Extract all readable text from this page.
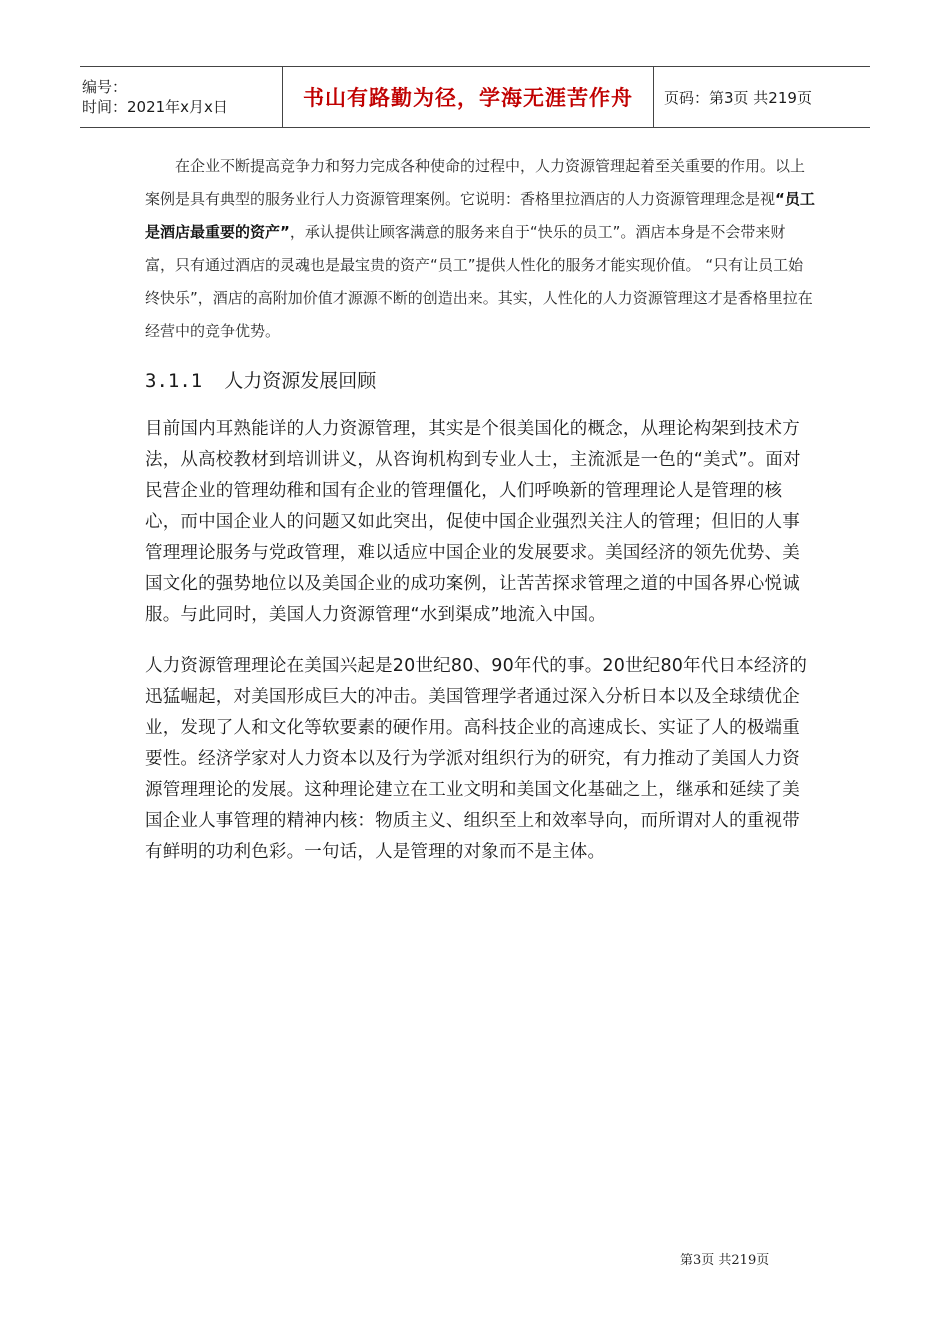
编号：
时间：2021年x月x日	书山有路勤为径，学海无涯苦作舟	页码：第3页 共219页

在企业不断提高竞争力和努力完成各种使命的过程中，人力资源管理起着至关重要的作用。以上案例是具有典型的服务业行人力资源管理案例。它说明：香格里拉酒店的人力资源管理理念是视“员工是酒店最重要的资产”，承认提供让顾客满意的服务来自于“快乐的员工”。酒店本身是不会带来财富，只有通过酒店的灵魂也是最宝贵的资产“员工”提供人性化的服务才能实现价值。 “只有让员工始终快乐”，酒店的高附加价值才源源不断的创造出来。其实，人性化的人力资源管理这才是香格里拉在经营中的竞争优势。

3.1.1 人力资源发展回顾

目前国内耳熟能详的人力资源管理，其实是个很美国化的概念，从理论构架到技术方法，从高校教材到培训讲义，从咨询机构到专业人士，主流派是一色的“美式”。面对民营企业的管理幼稚和国有企业的管理僵化，人们呼唤新的管理理论人是管理的核心，而中国企业人的问题又如此突出，促使中国企业强烈关注人的管理；但旧的人事管理理论服务与党政管理，难以适应中国企业的发展要求。美国经济的领先优势、美国文化的强势地位以及美国企业的成功案例，让苦苦探求管理之道的中国各界心悦诚服。与此同时，美国人力资源管理“水到渠成”地流入中国。

人力资源管理理论在美国兴起是20世纪80、90年代的事。20世纪80年代日本经济的迅猛崛起，对美国形成巨大的冲击。美国管理学者通过深入分析日本以及全球绩优企业，发现了人和文化等软要素的硬作用。高科技企业的高速成长、实证了人的极端重要性。经济学家对人力资本以及行为学派对组织行为的研究，有力推动了美国人力资源管理理论的发展。这种理论建立在工业文明和美国文化基础之上，继承和延续了美国企业人事管理的精神内核：物质主义、组织至上和效率导向，而所谓对人的重视带有鲜明的功利色彩。一句话，人是管理的对象而不是主体。

第3页 共219页
